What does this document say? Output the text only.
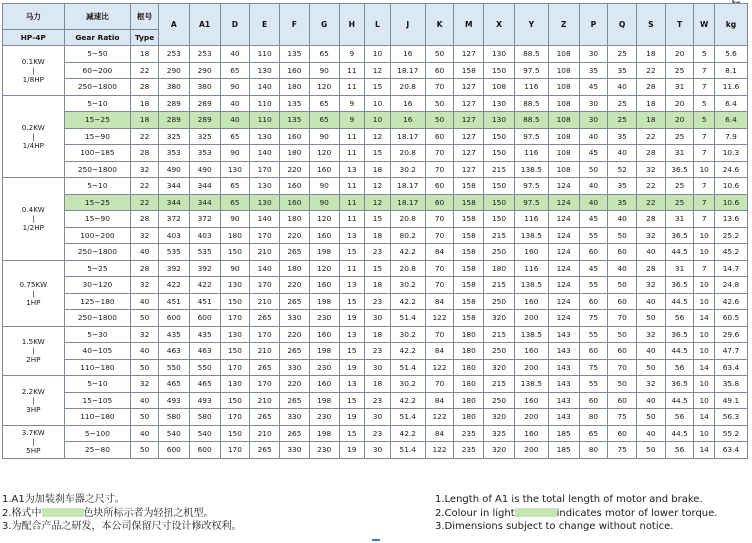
马力	减速比	框号	A	A1	D	E	F	G	H	L	J	K	M	X	Y	Z	P	Q	S	T	W	kg
HP-4P	Gear Ratio	Type																				

0.1KW
|
1/8HP	5~50	18	253	253	40	110	135	65	9	10	16	50	127	130	88.5	108	30	25	18	20	5	5.6
	60~200	22	290	290	65	130	160	90	11	12	18.17	60	158	150	97.5	108	35	35	22	25	7	8.1
	250~1800	28	380	380	90	140	180	120	11	15	20.8	70	127	108	116	108	45	40	28	31	7	11.6

0.2KW
|
1/4HP	5~10	18	289	289	40	110	135	65	9	10	16	50	127	130	88.5	108	30	25	18	20	5	6.4
	15~25	18	289	289	40	110	135	65	9	10	16	50	127	130	88.5	108	30	25	18	20	5	6.4
	15~90	22	325	325	65	130	160	90	11	12	18.17	60	127	150	97.5	108	40	35	22	25	7	7.9
	100~185	28	353	353	90	140	180	120	11	15	20.8	70	127	150	116	108	45	40	28	31	7	10.3
	250~1800	32	490	490	130	170	220	160	13	18	30.2	70	127	215	138.5	108	50	52	32	36.5	10	24.6

0.4KW
|
1/2HP	5~10	22	344	344	65	130	160	90	11	12	18.17	60	158	150	97.5	124	40	35	22	25	7	10.6
	15~25	22	344	344	65	130	160	90	11	12	18.17	60	158	150	97.5	124	40	35	22	25	7	10.6
	15~90	28	372	372	90	140	180	120	11	15	20.8	70	158	150	116	124	45	40	28	31	7	13.6
	100~200	32	403	403	180	170	220	160	13	18	80.2	70	158	215	138.5	124	55	50	32	36.5	10	25.2
	250~1800	40	535	535	150	210	265	198	15	23	42.2	84	158	250	160	124	60	60	40	44.5	10	45.2

0.75KW
|
1HP	5~25	28	392	392	90	140	180	120	11	15	20.8	70	158	180	116	124	45	40	28	31	7	14.7
	30~120	32	422	422	130	170	220	160	13	18	30.2	70	158	215	138.5	124	55	50	32	36.5	10	24.8
	125~180	40	451	451	150	210	265	198	15	23	42.2	84	158	250	160	124	60	60	40	44.5	10	42.6
	250~1800	50	600	600	170	265	330	230	19	30	51.4	122	158	320	200	124	75	70	50	56	14	60.5

1.5KW
|
2HP	5~30	32	435	435	130	170	220	160	13	18	30.2	70	180	215	138.5	143	55	50	32	36.5	10	29.6
	40~105	40	463	463	150	210	265	198	15	23	42.2	84	180	250	160	143	60	60	40	44.5	10	47.7
	110~180	50	550	550	170	265	330	230	19	30	51.4	122	180	320	200	143	75	70	50	56	14	63.4

2.2KW
|
3HP	5~10	32	465	465	130	170	220	160	13	18	30.2	70	180	215	138.5	143	55	50	32	36.5	10	35.8
	15~105	40	493	493	150	210	265	198	15	23	42.2	84	180	250	160	143	60	60	40	44.5	10	49.1
	110~180	50	580	580	170	265	330	230	19	30	51.4	122	180	320	200	143	80	75	50	56	14	56.3

3.7KW
|
5HP	5~100	40	540	540	150	210	265	198	15	23	42.2	84	235	325	160	185	65	60	40	44.5	10	55.2
	25~80	50	600	600	170	265	330	230	19	30	51.4	122	235	320	200	185	80	75	50	56	14	63.4
1.A1为加装刹车器之尺寸。
2.格式中	色块所标示者为轻扭之机型。
3.为配合产品之研发，本公司保留尺寸设计修改权利。
1.Length of A1 is the total length of motor and brake.
2.Colour in light	indicates motor of lower torque.
3.Dimensions subject to change without notice.
